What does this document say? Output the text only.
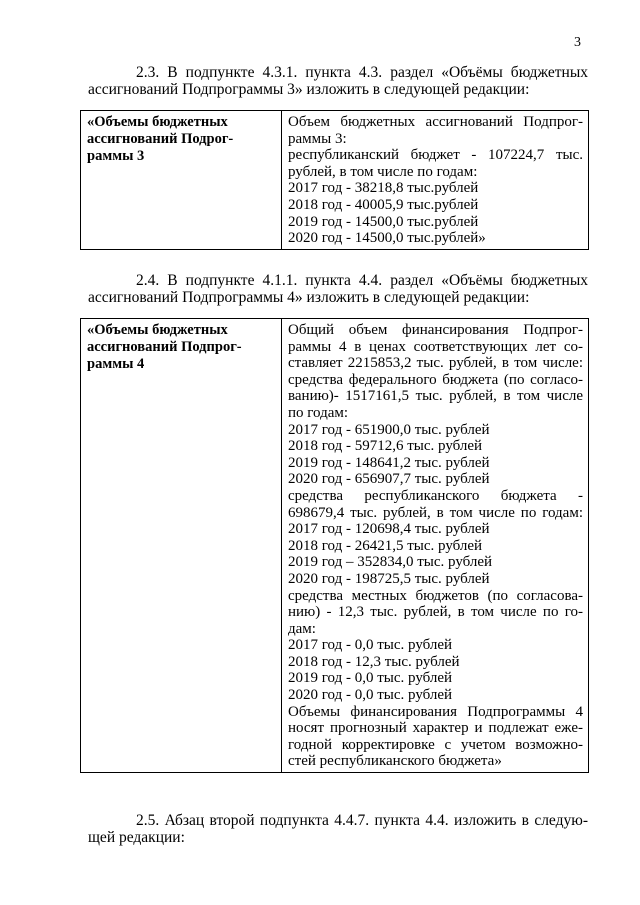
3
2.3. В подпункте 4.3.1. пункта 4.3. раздел «Объёмы бюджетных
ассигнований Подпрограммы 3» изложить в следующей редакции:
«Объемы бюджетных
ассигнований Подрог-
раммы 3

Объем бюджетных ассигнований Подпрог-
раммы 3:
республиканский бюджет - 107224,7 тыс.
рублей, в том числе по годам:
2017 год - 38218,8 тыс.рублей
2018 год - 40005,9 тыс.рублей
2019 год - 14500,0 тыс.рублей
2020 год - 14500,0 тыс.рублей»
2.4. В подпункте 4.1.1. пункта 4.4. раздел «Объёмы бюджетных
ассигнований Подпрограммы 4» изложить в следующей редакции:
«Объемы бюджетных
ассигнований Подпрог-
раммы 4

Общий объем финансирования Подпрог-
раммы 4 в ценах соответствующих лет со-
ставляет 2215853,2 тыс. рублей, в том числе:
средства федерального бюджета (по согласо-
ванию)- 1517161,5 тыс. рублей, в том числе
по годам:
2017 год - 651900,0 тыс. рублей
2018 год - 59712,6 тыс. рублей
2019 год - 148641,2 тыс. рублей
2020 год - 656907,7 тыс. рублей
средства республиканского бюджета -
698679,4 тыс. рублей, в том числе по годам:
2017 год - 120698,4 тыс. рублей
2018 год - 26421,5 тыс. рублей
2019 год – 352834,0 тыс. рублей
2020 год - 198725,5 тыс. рублей
средства местных бюджетов (по согласова-
нию) - 12,3 тыс. рублей, в том числе по го-
дам:
2017 год - 0,0 тыс. рублей
2018 год - 12,3 тыс. рублей
2019 год - 0,0 тыс. рублей
2020 год - 0,0 тыс. рублей
Объемы финансирования Подпрограммы 4
носят прогнозный характер и подлежат еже-
годной корректировке с учетом возможно-
стей республиканского бюджета»
2.5. Абзац второй подпункта 4.4.7. пункта 4.4. изложить в следую-
щей редакции:
